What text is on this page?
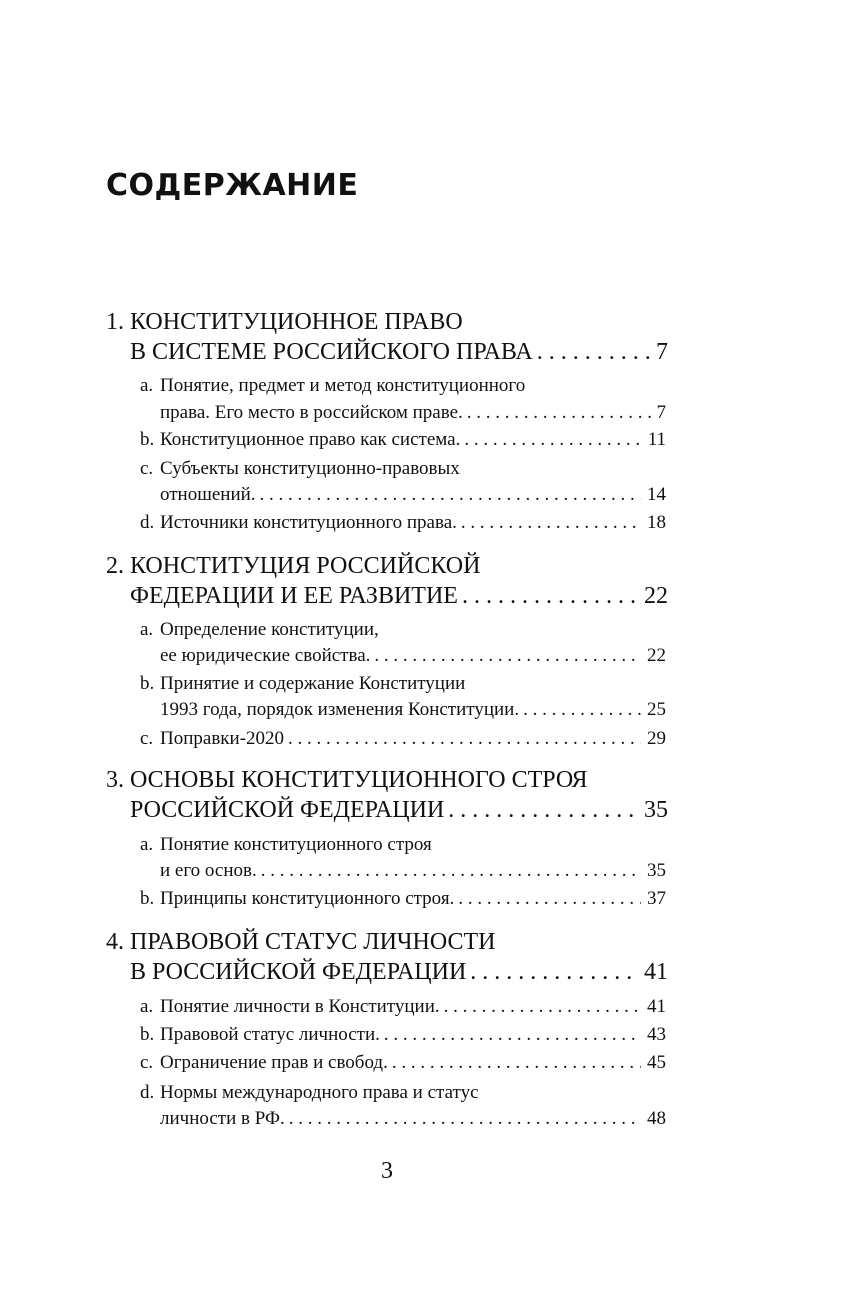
СОДЕРЖАНИЕ
1. КОНСТИТУЦИОННОЕ ПРАВО
В СИСТЕМЕ РОССИЙСКОГО ПРАВА . . .	7
a. Понятие, предмет и метод конституционного
права. Его место в российском праве. . . .	7
b. Конституционное право как система. . . .	11
c. Субъекты конституционно-правовых
отношений. . . .	14
d. Источники конституционного права. . . .	18
2. КОНСТИТУЦИЯ РОССИЙСКОЙ
ФЕДЕРАЦИИ И ЕЕ РАЗВИТИЕ . . .	22
a. Определение конституции,
ее юридические свойства. . . .	22
b. Принятие и содержание Конституции
1993 года, порядок изменения Конституции. . . .	25
c. Поправки-2020 . . .	29
3. ОСНОВЫ КОНСТИТУЦИОННОГО СТРОЯ
РОССИЙСКОЙ ФЕДЕРАЦИИ . . .	35
a. Понятие конституционного строя
и его основ. . . .	35
b. Принципы конституционного строя. . . .	37
4. ПРАВОВОЙ СТАТУС ЛИЧНОСТИ
В РОССИЙСКОЙ ФЕДЕРАЦИИ . . .	41
a. Понятие личности в Конституции. . . .	41
b. Правовой статус личности. . . .	43
c. Ограничение прав и свобод. . . .	45
d. Нормы международного права и статус
личности в РФ. . . .	48
3
